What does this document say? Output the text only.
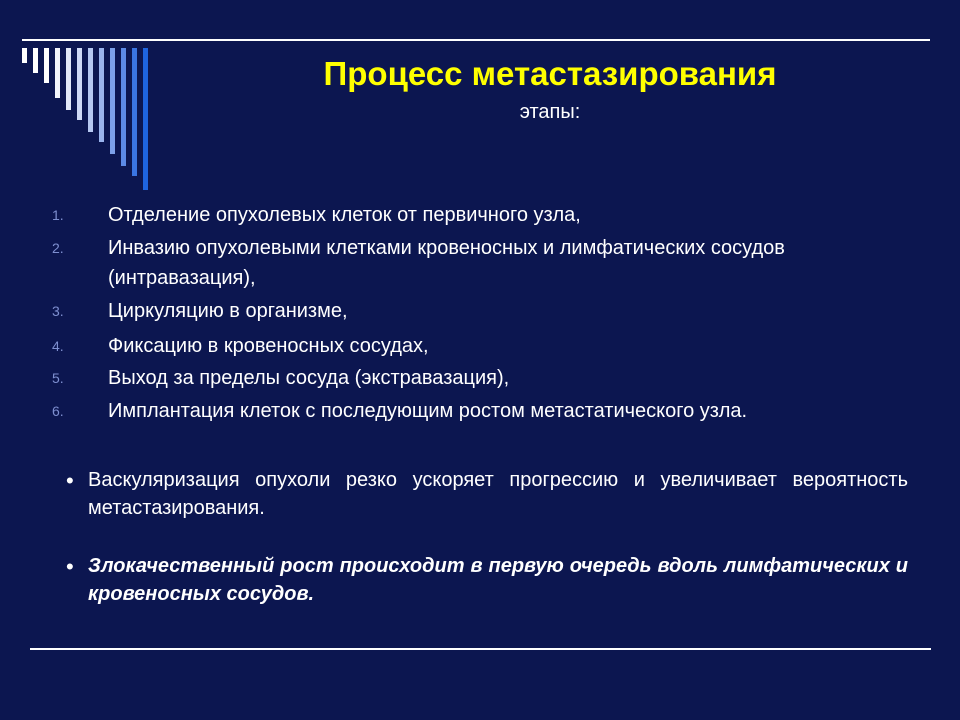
Процесс метастазирования
этапы:
1.	Отделение опухолевых клеток от первичного узла,
2.	Инвазию опухолевыми клетками кровеносных и лимфатических сосудов (интравазация),
3.	Циркуляцию в организме,
4.	Фиксацию в кровеносных сосудах,
5.	Выход за пределы сосуда (экстравазация),
6.	Имплантация клеток с последующим ростом метастатического узла.
• Васкуляризация опухоли резко ускоряет прогрессию и увеличивает вероятность метастазирования.
• Злокачественный рост происходит в первую очередь вдоль лимфатических и кровеносных сосудов.
